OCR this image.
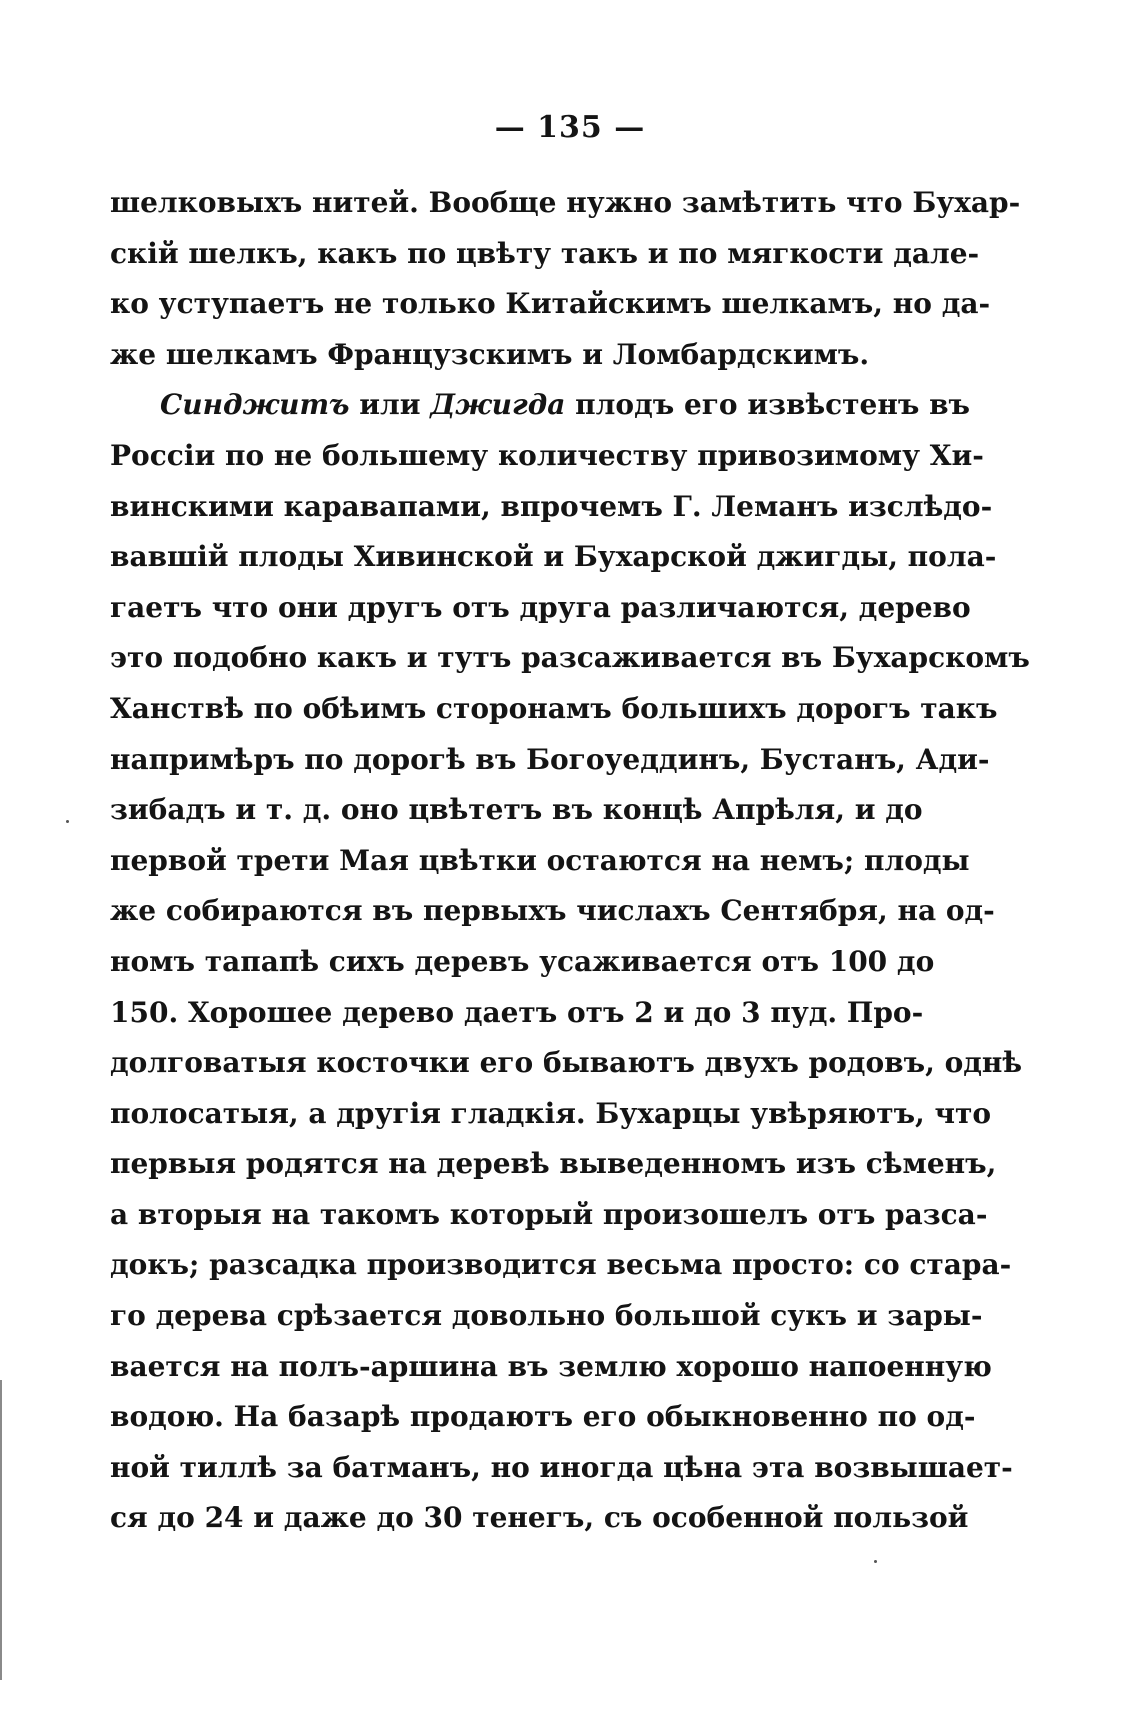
— 135 —
шелковыхъ нитей. Вообще нужно замѣтить что Бухар-
скій шелкъ, какъ по цвѣту такъ и по мягкости дале-
ко уступаетъ не только Китайскимъ шелкамъ, но да-
же шелкамъ Французскимъ и Ломбардскимъ.
Синджитъ или Джигда плодъ его извѣстенъ въ
Россіи по не большему количеству привозимому Хи-
винскими каравапами, впрочемъ Г. Леманъ изслѣдо-
вавшій плоды Хивинской и Бухарской джигды, пола-
гаетъ что они другъ отъ друга различаются, дерево
это подобно какъ и тутъ разсаживается въ Бухарскомъ
Ханствѣ по обѣимъ сторонамъ большихъ дорогъ такъ
напримѣръ по дорогѣ въ Богоуеддинъ, Бустанъ, Ади-
зибадъ и т. д. оно цвѣтетъ въ концѣ Апрѣля, и до
первой трети Мая цвѣтки остаются на немъ; плоды
же собираются въ первыхъ числахъ Сентября, на од-
номъ тапапѣ сихъ деревъ усаживается отъ 100 до
150. Хорошее дерево даетъ отъ 2 и до 3 пуд. Про-
долговатыя косточки его бываютъ двухъ родовъ, однѣ
полосатыя, а другія гладкія. Бухарцы увѣряютъ, что
первыя родятся на деревѣ выведенномъ изъ сѣменъ,
а вторыя на такомъ который произошелъ отъ разса-
докъ; разсадка производится весьма просто: со стара-
го дерева срѣзается довольно большой сукъ и зары-
вается на полъ-аршина въ землю хорошо напоенную
водою. На базарѣ продаютъ его обыкновенно по од-
ной тиллѣ за батманъ, но иногда цѣна эта возвышает-
ся до 24 и даже до 30 тенегъ, съ особенной пользой
